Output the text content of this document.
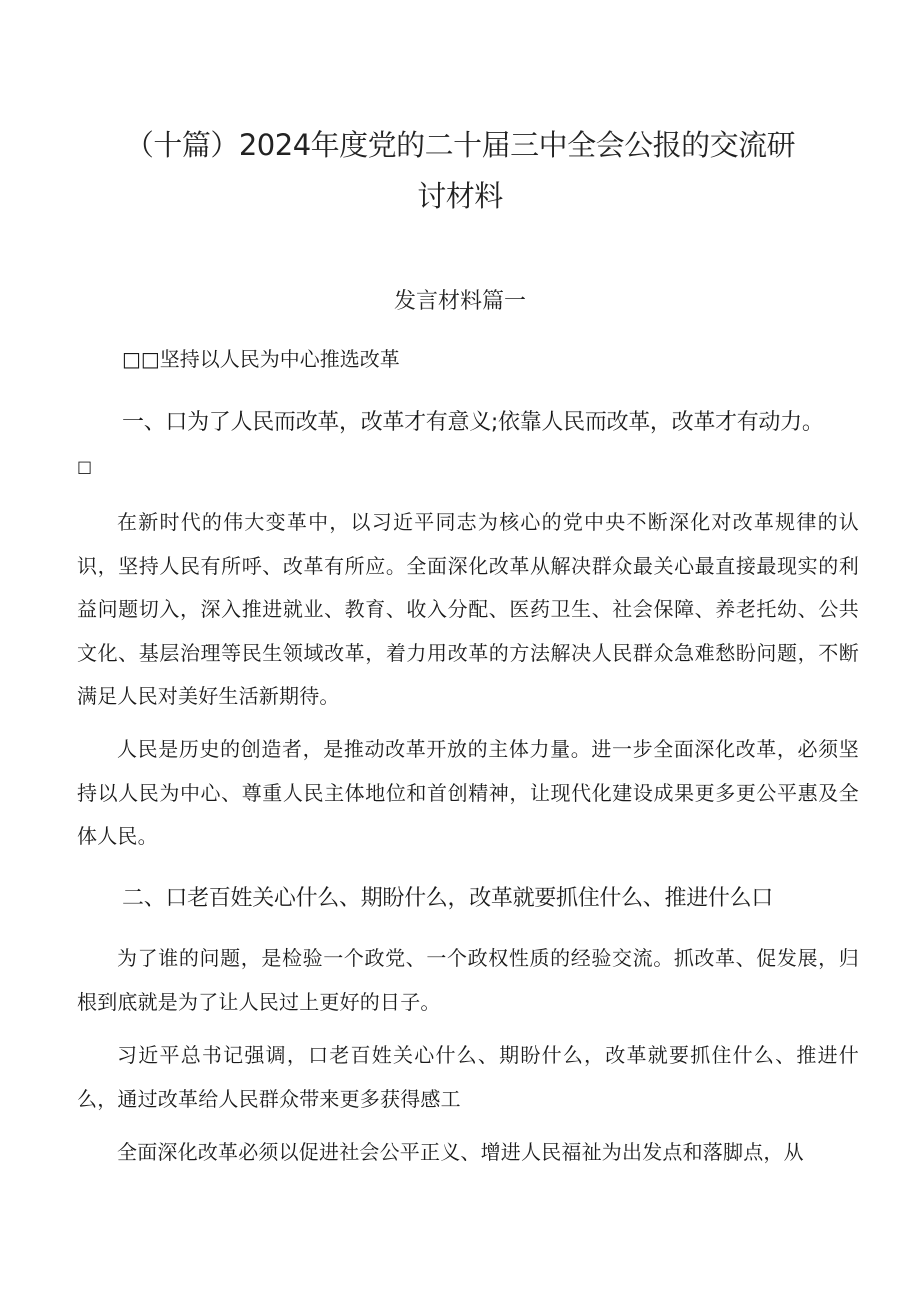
（十篇）2024年度党的二十届三中全会公报的交流研
讨材料
发言材料篇一
□□坚持以人民为中心推选改革
一、口为了人民而改革，改革才有意义;依靠人民而改革，改革才有动力。
□

在新时代的伟大变革中，以习近平同志为核心的党中央不断深化对改革规律的认识，坚持人民有所呼、改革有所应。全面深化改革从解决群众最关心最直接最现实的利益问题切入，深入推进就业、教育、收入分配、医药卫生、社会保障、养老托幼、公共文化、基层治理等民生领域改革，着力用改革的方法解决人民群众急难愁盼问题，不断满足人民对美好生活新期待。

人民是历史的创造者，是推动改革开放的主体力量。进一步全面深化改革，必须坚持以人民为中心、尊重人民主体地位和首创精神，让现代化建设成果更多更公平惠及全体人民。

二、口老百姓关心什么、期盼什么，改革就要抓住什么、推进什么口

为了谁的问题，是检验一个政党、一个政权性质的经验交流。抓改革、促发展，归根到底就是为了让人民过上更好的日子。

习近平总书记强调，口老百姓关心什么、期盼什么，改革就要抓住什么、推进什么，通过改革给人民群众带来更多获得感工

全面深化改革必须以促进社会公平正义、增进人民福祉为出发点和落脚点，从
